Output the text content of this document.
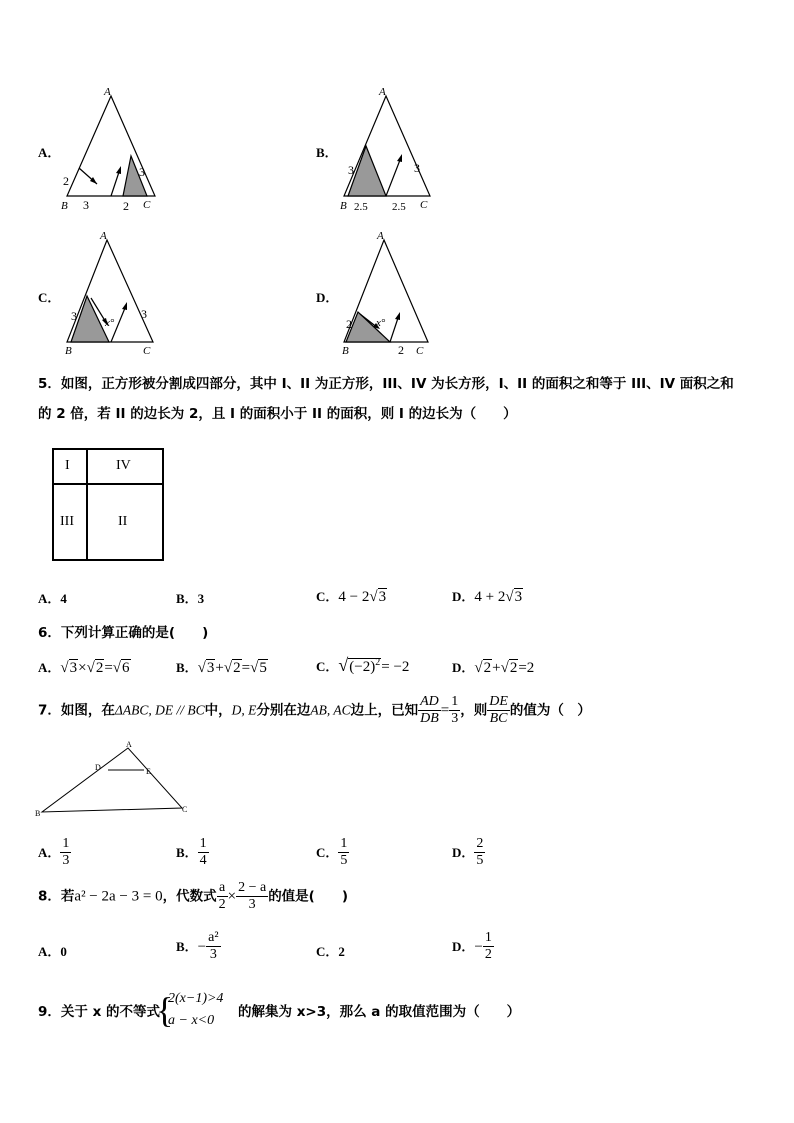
A．
A
B	C
2
3
3
2
B．
A
B	C
3	3
2.5 2.5
C．
A
B	C
3	3
x°
D．
A
B	C
2 x°
2
5．如图，正方形被分割成四部分，其中 I、II 为正方形，III、IV 为长方形，I、II 的面积之和等于 III、IV 面积之和
的 2 倍，若 II 的边长为 2，且 I 的面积小于 II 的面积，则 I 的边长为（　　）
I	IV
III	II
A．4	B．3	C．4 − 2√3	D．4 + 2√3
6．下列计算正确的是(　　)
A．√3×√2=√6	B．√3+√2=√5	C．$√(-2)^2= -2$	D．√2+√2=2
7．如图，在ΔABC, DE // BC中，D, E分别在边AB, AC边上，已知 $\frac{AD}{DB} = \frac{1}{3}$ ，则 $\frac{DE}{BC}$ 的值为（　）
A
B	C
D	E
A． $\frac{1}{3}$	B． $\frac{1}{4}$	C． $\frac{1}{5}$	D． $\frac{2}{5}$
8．若a² − 2a − 3 = 0，代数式 $\frac{a}{2} \times \frac{2 - a}{3}$ 的值是(　　)
A．0	B．− $\frac{\text{a²}}{3}$	C．2	D．− $\frac{1}{2}$
9．关于 x 的不等式
{
2(x−1)>4
a − x<0
的解集为 x>3，那么 a 的取值范围为（　　）
